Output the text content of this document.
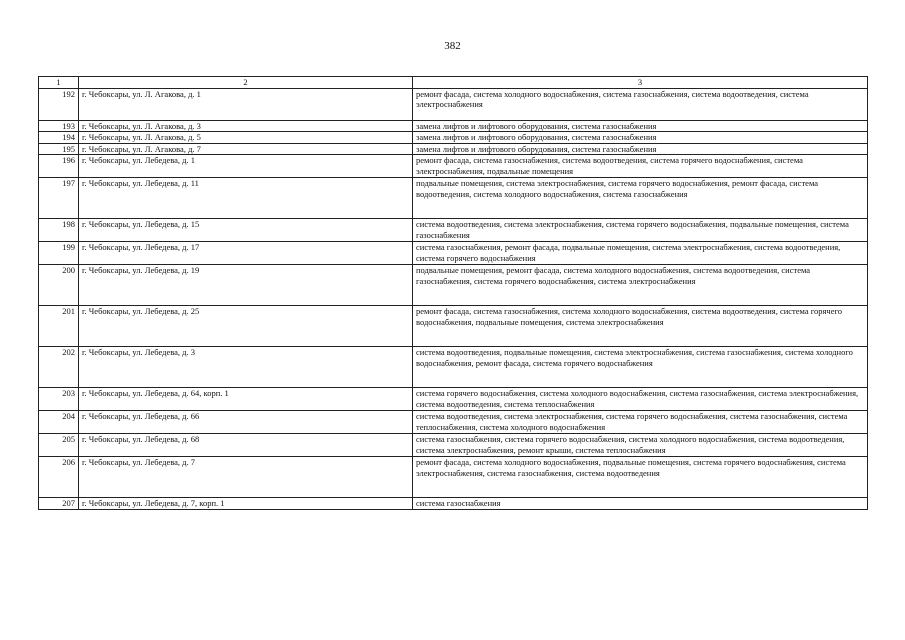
382
1	2	3
192	г. Чебоксары, ул. Л. Агакова, д. 1	ремонт фасада, система холодного водоснабжения, система газоснабжения, система водоотведения, система электроснабжения
193	г. Чебоксары, ул. Л. Агакова, д. 3	замена лифтов и лифтового оборудования, система газоснабжения
194	г. Чебоксары, ул. Л. Агакова, д. 5	замена лифтов и лифтового оборудования, система газоснабжения
195	г. Чебоксары, ул. Л. Агакова, д. 7	замена лифтов и лифтового оборудования, система газоснабжения
196	г. Чебоксары, ул. Лебедева, д. 1	ремонт фасада, система газоснабжения, система водоотведения, система горячего водоснабжения, система электроснабжения, подвальные помещения
197	г. Чебоксары, ул. Лебедева, д. 11	подвальные помещения, система электроснабжения, система горячего водоснабжения, ремонт фасада, система водоотведения, система холодного водоснабжения, система газоснабжения
198	г. Чебоксары, ул. Лебедева, д. 15	система водоотведения, система электроснабжения, система горячего водоснабжения, подвальные помещения, система газоснабжения
199	г. Чебоксары, ул. Лебедева, д. 17	система газоснабжения, ремонт фасада, подвальные помещения, система электроснабжения, система водоотведения, система горячего водоснабжения
200	г. Чебоксары, ул. Лебедева, д. 19	подвальные помещения, ремонт фасада, система холодного водоснабжения, система водоотведения, система газоснабжения, система горячего водоснабжения, система электроснабжения
201	г. Чебоксары, ул. Лебедева, д. 25	ремонт фасада, система газоснабжения, система холодного водоснабжения, система водоотведения, система горячего водоснабжения, подвальные помещения, система электроснабжения
202	г. Чебоксары, ул. Лебедева, д. 3	система водоотведения, подвальные помещения, система электроснабжения, система газоснабжения, система холодного водоснабжения, ремонт фасада, система горячего водоснабжения
203	г. Чебоксары, ул. Лебедева, д. 64, корп. 1	система горячего водоснабжения, система холодного водоснабжения, система газоснабжения, система электроснабжения, система водоотведения, система теплоснабжения
204	г. Чебоксары, ул. Лебедева, д. 66	система водоотведения, система электроснабжения, система горячего водоснабжения, система газоснабжения, система теплоснабжения, система холодного водоснабжения
205	г. Чебоксары, ул. Лебедева, д. 68	система газоснабжения, система горячего водоснабжения, система холодного водоснабжения, система водоотведения, система электроснабжения, ремонт крыши, система теплоснабжения
206	г. Чебоксары, ул. Лебедева, д. 7	ремонт фасада, система холодного водоснабжения, подвальные помещения, система горячего водоснабжения, система электроснабжения, система газоснабжения, система водоотведения
207	г. Чебоксары, ул. Лебедева, д. 7, корп. 1	система газоснабжения
